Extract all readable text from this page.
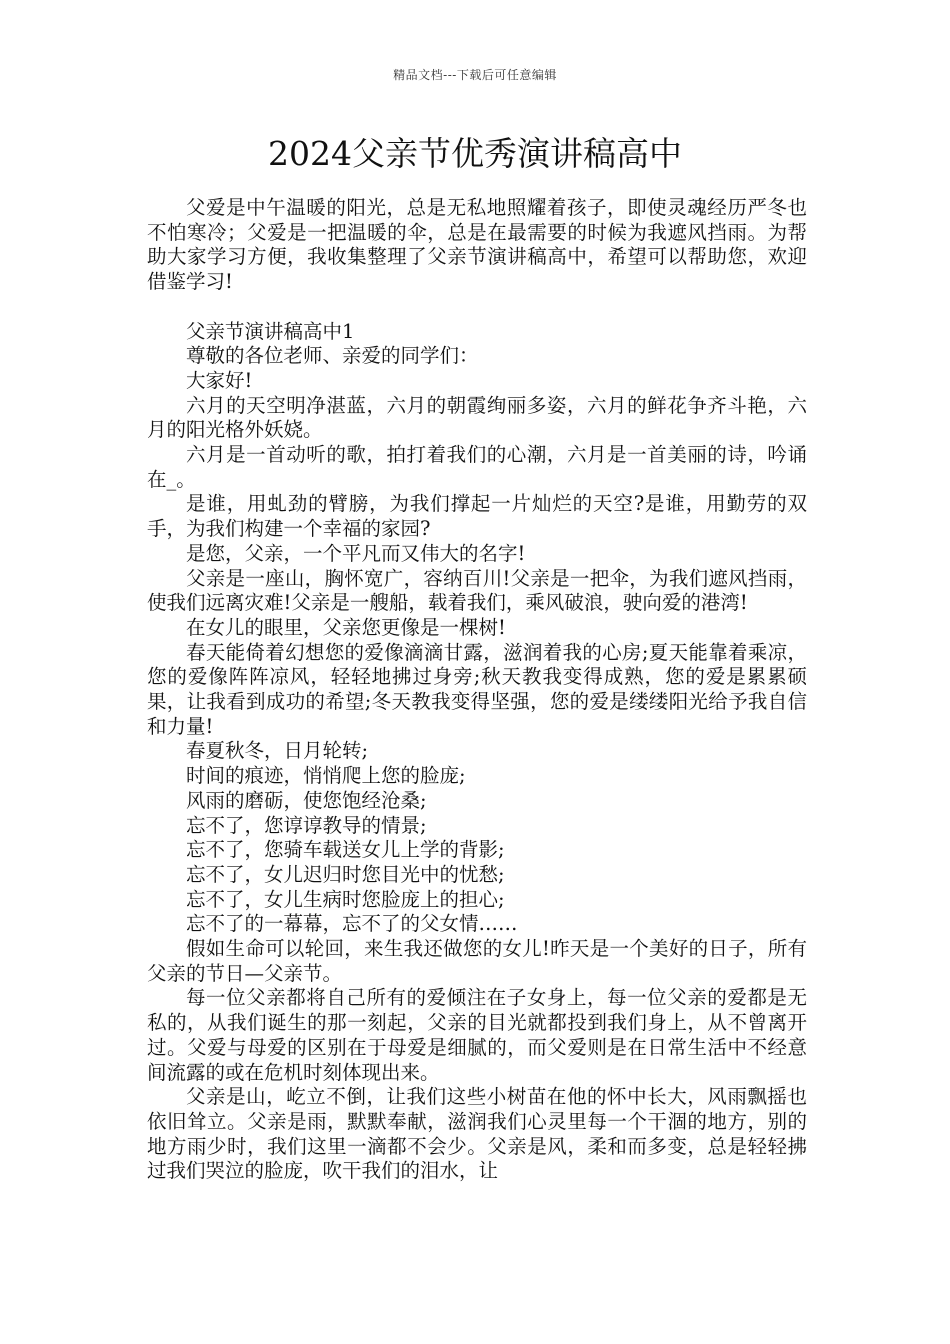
精品文档---下载后可任意编辑
2024父亲节优秀演讲稿高中

父爱是中午温暖的阳光，总是无私地照耀着孩子，即使灵魂经历严冬也不怕寒冷；父爱是一把温暖的伞，总是在最需要的时候为我遮风挡雨。为帮助大家学习方便，我收集整理了父亲节演讲稿高中，希望可以帮助您，欢迎借鉴学习!

父亲节演讲稿高中1

尊敬的各位老师、亲爱的同学们：

大家好!

六月的天空明净湛蓝，六月的朝霞绚丽多姿，六月的鲜花争齐斗艳，六月的阳光格外妖娆。

六月是一首动听的歌，拍打着我们的心潮，六月是一首美丽的诗，吟诵在_。

是谁，用虬劲的臂膀，为我们撑起一片灿烂的天空?是谁，用勤劳的双手，为我们构建一个幸福的家园?

是您，父亲，一个平凡而又伟大的名字!

父亲是一座山，胸怀宽广，容纳百川!父亲是一把伞，为我们遮风挡雨，使我们远离灾难!父亲是一艘船，载着我们，乘风破浪，驶向爱的港湾!

在女儿的眼里，父亲您更像是一棵树!

春天能倚着幻想您的爱像滴滴甘露，滋润着我的心房;夏天能靠着乘凉，您的爱像阵阵凉风，轻轻地拂过身旁;秋天教我变得成熟，您的爱是累累硕果，让我看到成功的希望;冬天教我变得坚强，您的爱是缕缕阳光给予我自信和力量!

春夏秋冬，日月轮转;

时间的痕迹，悄悄爬上您的脸庞;

风雨的磨砺，使您饱经沧桑;

忘不了，您谆谆教导的情景;

忘不了，您骑车载送女儿上学的背影;

忘不了，女儿迟归时您目光中的忧愁;

忘不了，女儿生病时您脸庞上的担心;

忘不了的一幕幕，忘不了的父女情……

假如生命可以轮回，来生我还做您的女儿!昨天是一个美好的日子，所有父亲的节日—父亲节。

每一位父亲都将自己所有的爱倾注在子女身上，每一位父亲的爱都是无私的，从我们诞生的那一刻起，父亲的目光就都投到我们身上，从不曾离开过。父爱与母爱的区别在于母爱是细腻的，而父爱则是在日常生活中不经意间流露的或在危机时刻体现出来。

父亲是山，屹立不倒，让我们这些小树苗在他的怀中长大，风雨飘摇也依旧耸立。父亲是雨，默默奉献，滋润我们心灵里每一个干涸的地方，别的地方雨少时，我们这里一滴都不会少。父亲是风，柔和而多变，总是轻轻拂过我们哭泣的脸庞，吹干我们的泪水，让
